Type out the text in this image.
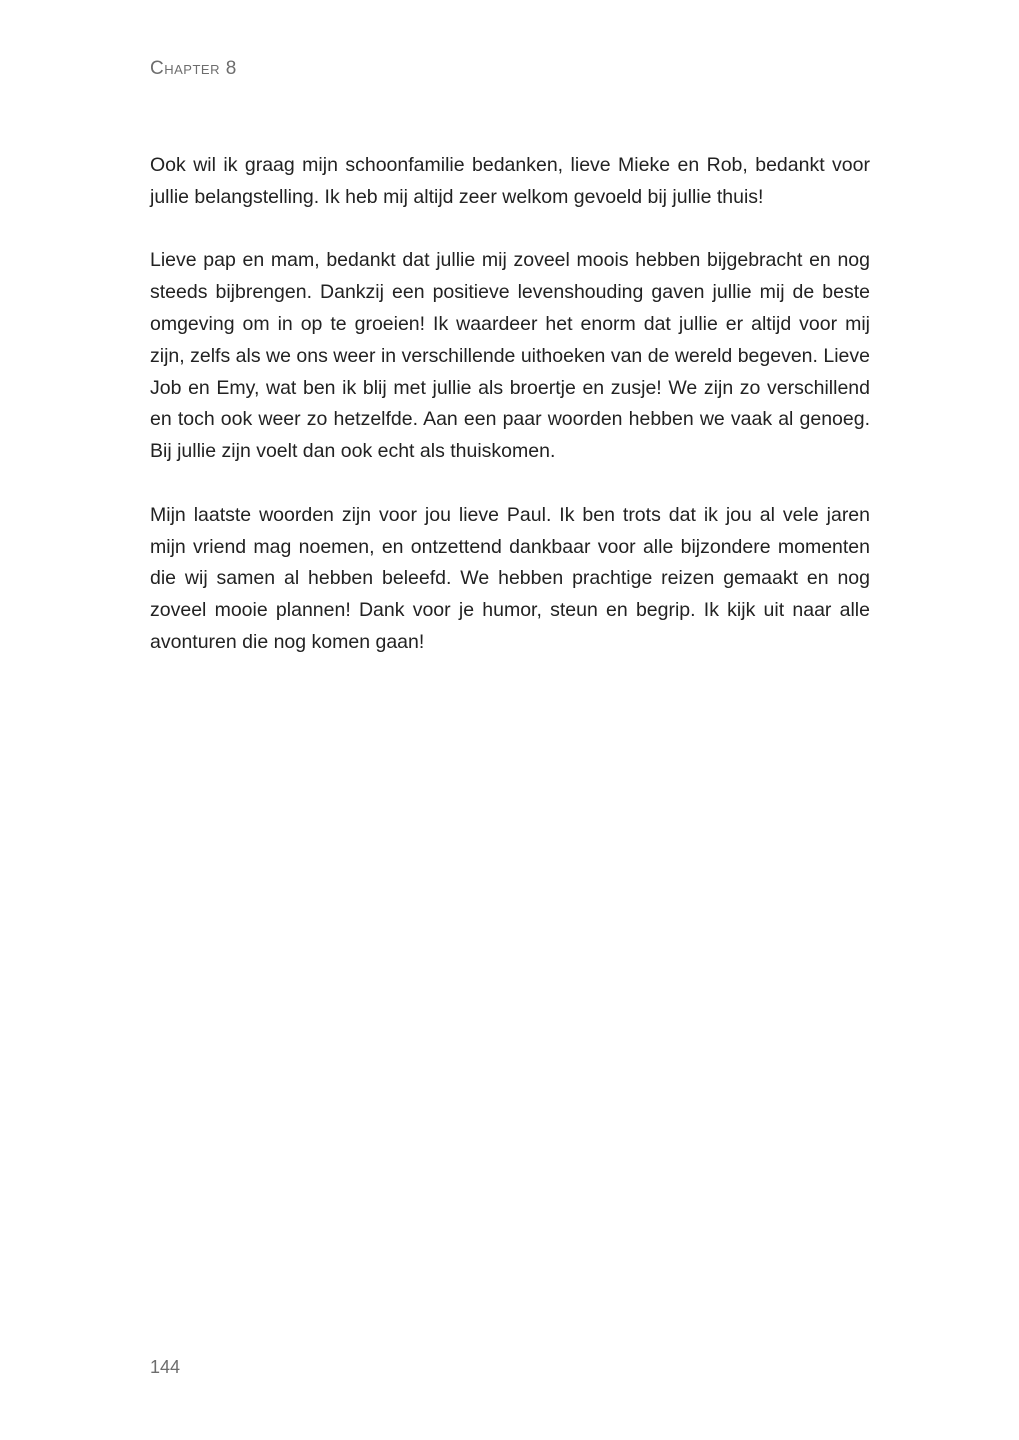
Chapter 8

Ook wil ik graag mijn schoonfamilie bedanken, lieve Mieke en Rob, bedankt voor jullie belangstelling. Ik heb mij altijd zeer welkom gevoeld bij jullie thuis!

Lieve pap en mam, bedankt dat jullie mij zoveel moois hebben bijgebracht en nog steeds bijbrengen. Dankzij een positieve levenshouding gaven jullie mij de beste omgeving om in op te groeien! Ik waardeer het enorm dat jullie er altijd voor mij zijn, zelfs als we ons weer in verschillende uithoeken van de wereld begeven. Lieve Job en Emy, wat ben ik blij met jullie als broertje en zusje! We zijn zo verschillend en toch ook weer zo hetzelfde. Aan een paar woorden hebben we vaak al genoeg. Bij jullie zijn voelt dan ook echt als thuiskomen.

Mijn laatste woorden zijn voor jou lieve Paul. Ik ben trots dat ik jou al vele jaren mijn vriend mag noemen, en ontzettend dankbaar voor alle bijzondere momenten die wij samen al hebben beleefd. We hebben prachtige reizen gemaakt en nog zoveel mooie plannen! Dank voor je humor, steun en begrip. Ik kijk uit naar alle avonturen die nog komen gaan!

144
